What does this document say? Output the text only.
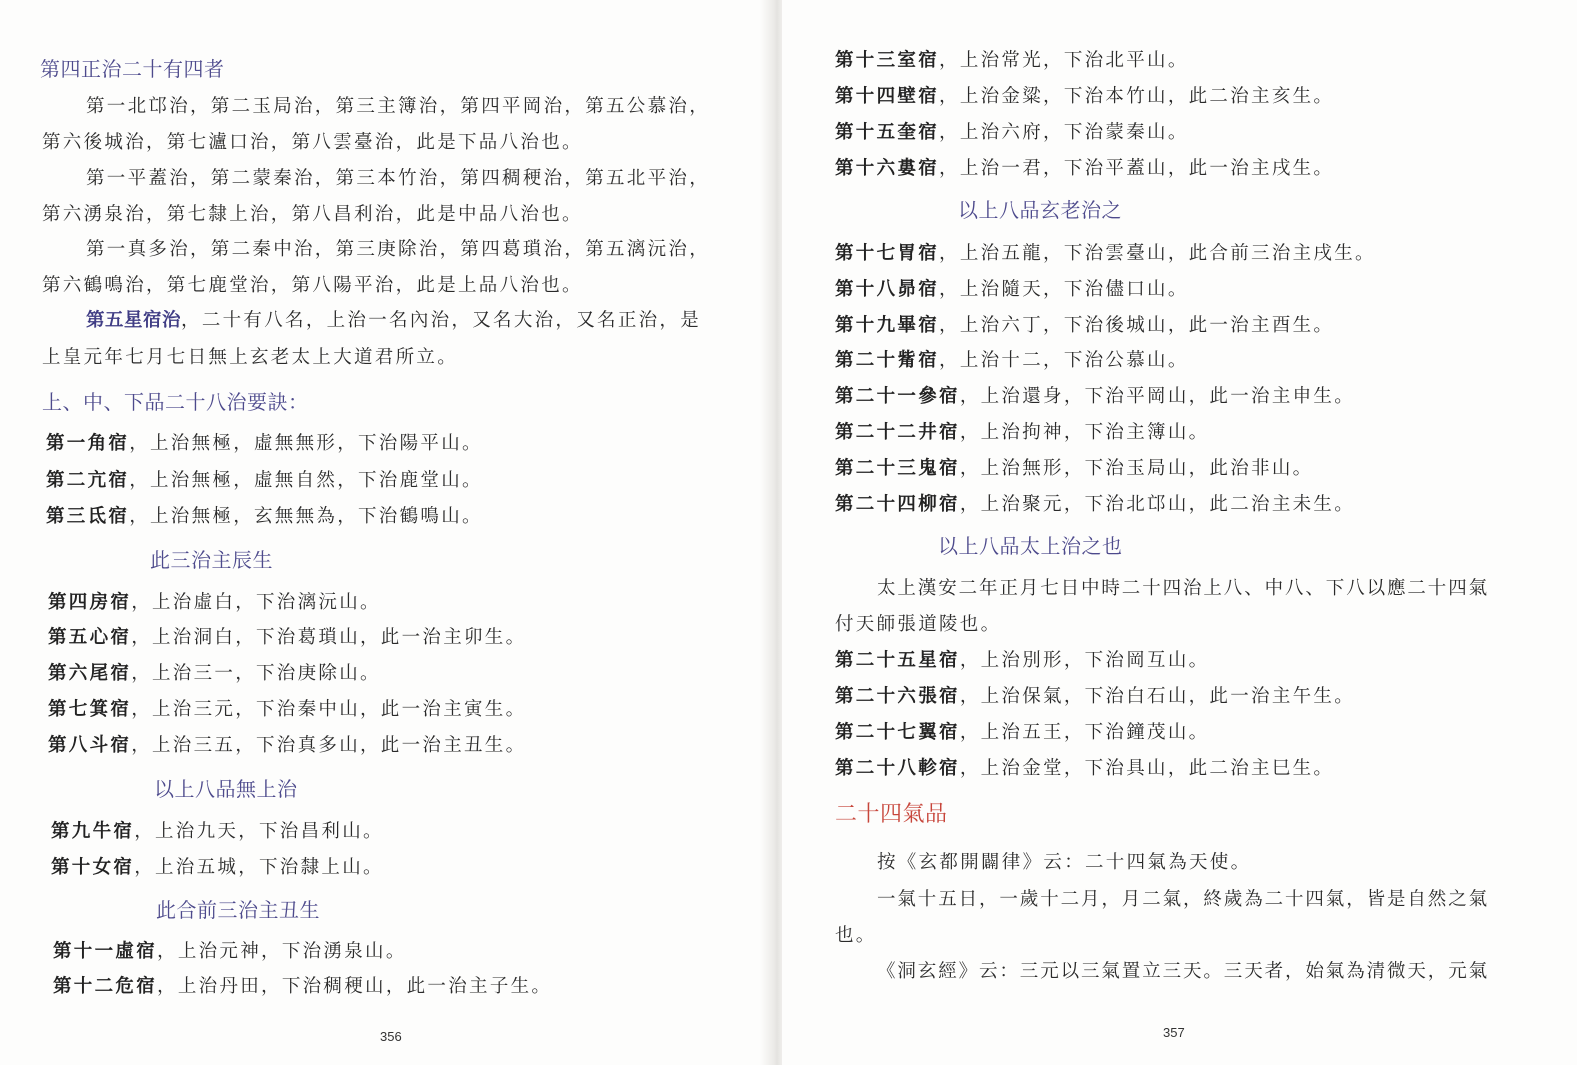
第四正治二十有四者
第一北邙治，第二玉局治，第三主簿治，第四平岡治，第五公慕治，
第六後城治，第七瀘口治，第八雲臺治，此是下品八治也。
第一平蓋治，第二蒙秦治，第三本竹治，第四稠稉治，第五北平治，
第六湧泉治，第七隸上治，第八昌利治，此是中品八治也。
第一真多治，第二秦中治，第三庚除治，第四葛瑣治，第五漓沅治，
第六鶴鳴治，第七鹿堂治，第八陽平治，此是上品八治也。
第五星宿治，二十有八名，上治一名內治，又名大治，又名正治，是
上皇元年七月七日無上玄老太上大道君所立。
上、中、下品二十八治要訣：
第一角宿，上治無極，虛無無形，下治陽平山。
第二亢宿，上治無極，虛無自然，下治鹿堂山。
第三氐宿，上治無極，玄無無為，下治鶴鳴山。
此三治主辰生
第四房宿，上治虛白，下治漓沅山。
第五心宿，上治洞白，下治葛瑣山，此一治主卯生。
第六尾宿，上治三一，下治庚除山。
第七箕宿，上治三元，下治秦中山，此一治主寅生。
第八斗宿，上治三五，下治真多山，此一治主丑生。
以上八品無上治
第九牛宿，上治九天，下治昌利山。
第十女宿，上治五城，下治隸上山。
此合前三治主丑生
第十一虛宿，上治元神，下治湧泉山。
第十二危宿，上治丹田，下治稠稉山，此一治主子生。
356
第十三室宿，上治常光，下治北平山。
第十四壁宿，上治金粱，下治本竹山，此二治主亥生。
第十五奎宿，上治六府，下治蒙秦山。
第十六婁宿，上治一君，下治平蓋山，此一治主戌生。
以上八品玄老治之
第十七胃宿，上治五龍，下治雲臺山，此合前三治主戌生。
第十八昴宿，上治隨天，下治儘口山。
第十九畢宿，上治六丁，下治後城山，此一治主酉生。
第二十觜宿，上治十二，下治公慕山。
第二十一參宿，上治還身，下治平岡山，此一治主申生。
第二十二井宿，上治拘神，下治主簿山。
第二十三鬼宿，上治無形，下治玉局山，此治非山。
第二十四柳宿，上治聚元，下治北邙山，此二治主未生。
以上八品太上治之也
太上漢安二年正月七日中時二十四治上八、中八、下八以應二十四氣
付天師張道陵也。
第二十五星宿，上治別形，下治岡互山。
第二十六張宿，上治保氣，下治白石山，此一治主午生。
第二十七翼宿，上治五王，下治鐘茂山。
第二十八軫宿，上治金堂，下治具山，此二治主巳生。
二十四氣品
按《玄都開闢律》云：二十四氣為天使。
一氣十五日，一歲十二月，月二氣，終歲為二十四氣，皆是自然之氣
也。
《洞玄經》云：三元以三氣置立三天。三天者，始氣為清微天，元氣
357
